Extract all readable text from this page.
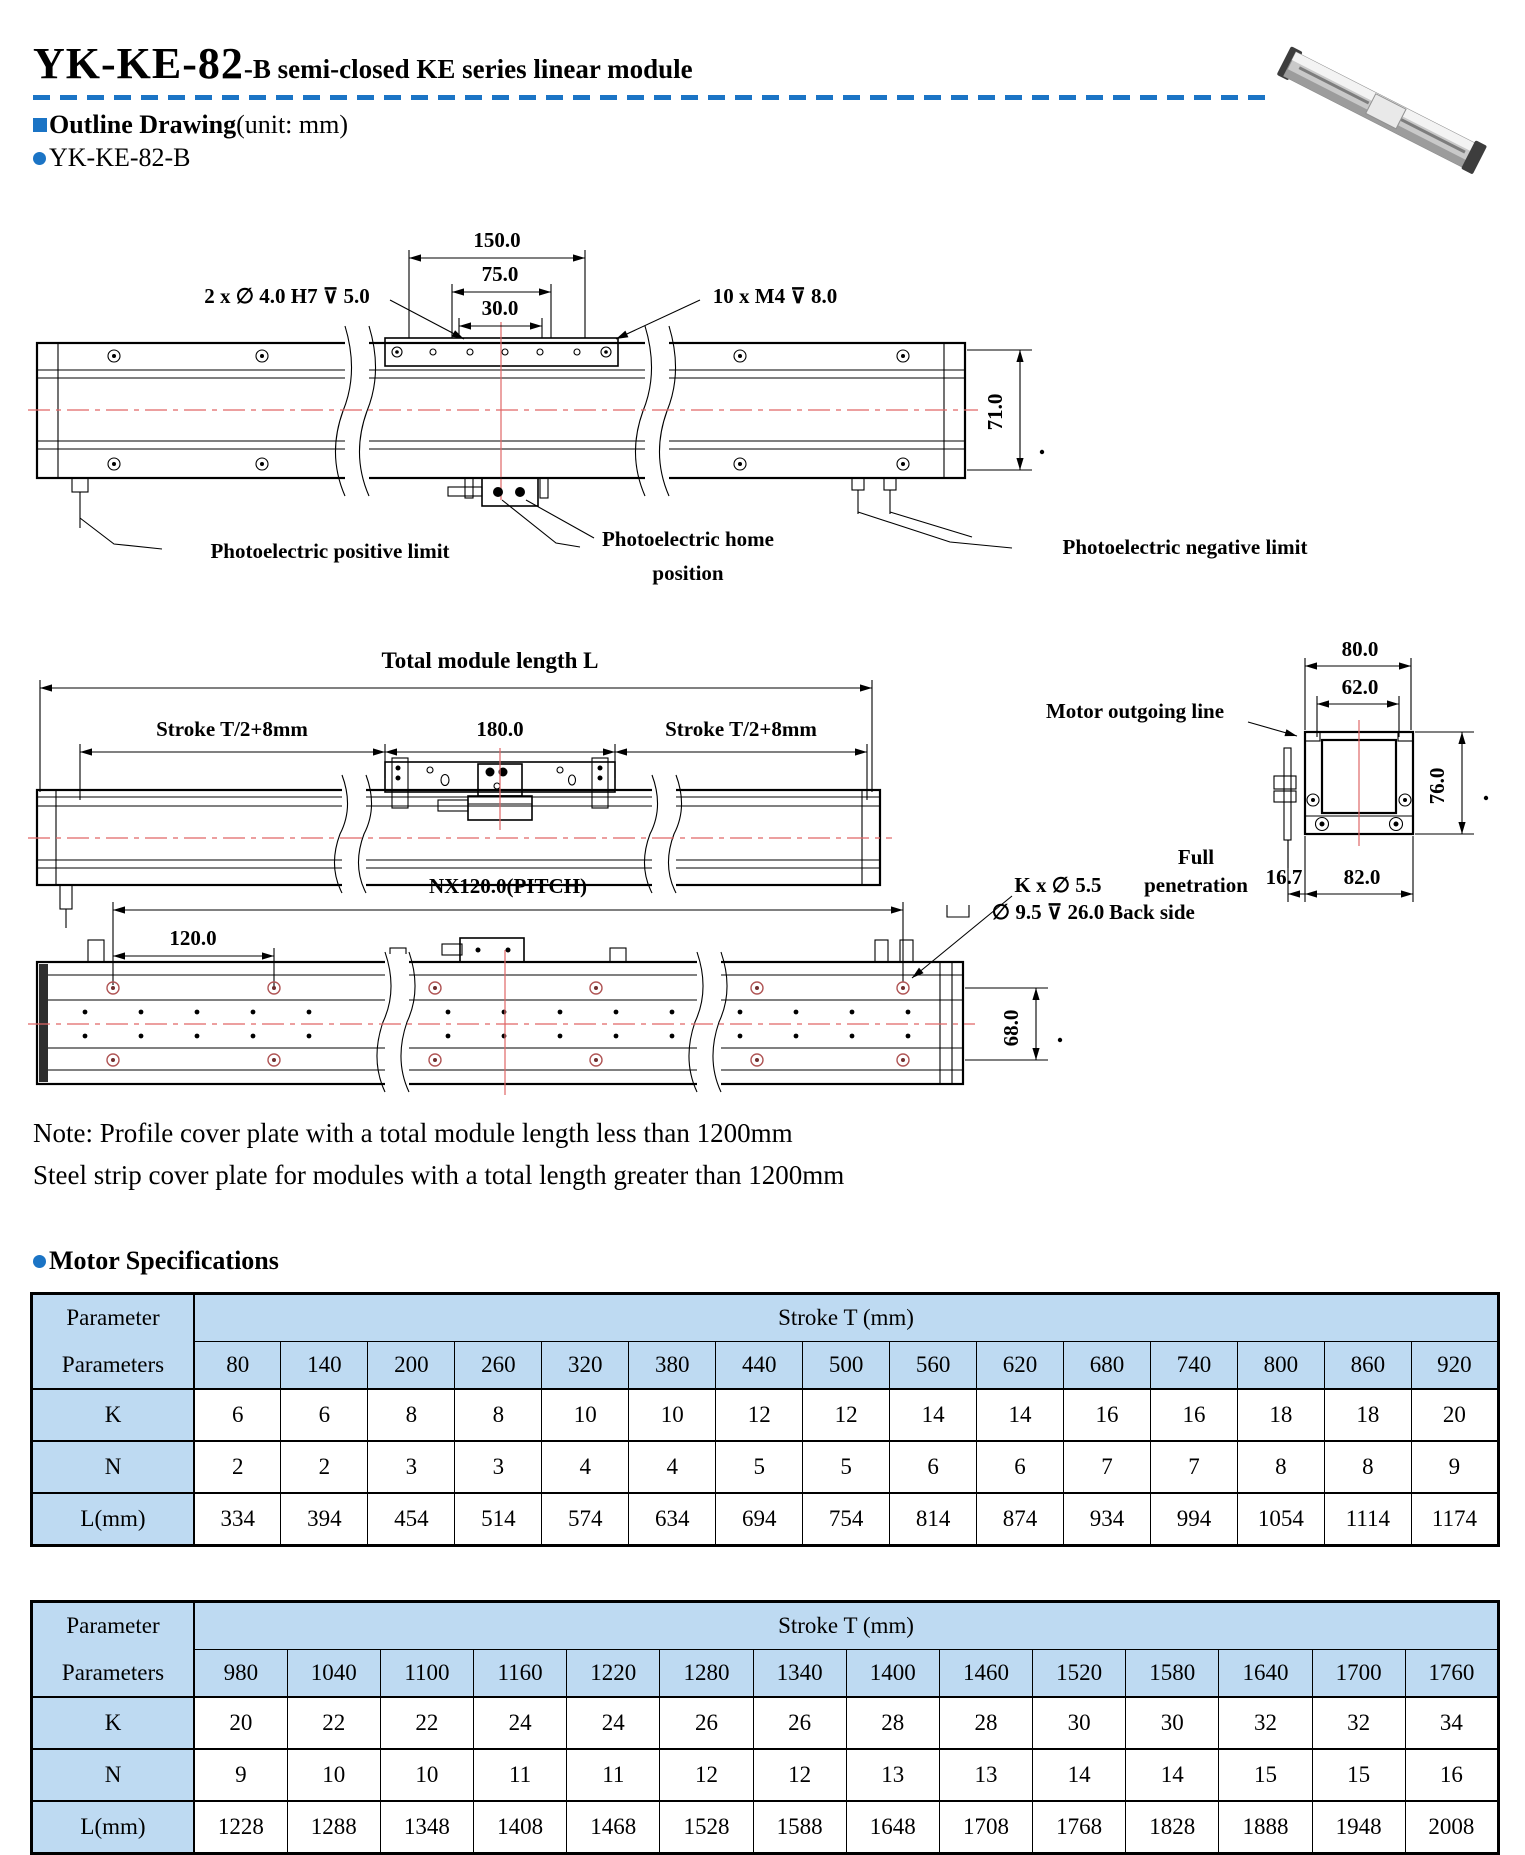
YK-KE-82 -B semi-closed KE series linear module
Outline Drawing (unit: mm)
YK-KE-82-B
150.0
75.0
30.0
2 x ∅ 4.0 H7 ⊽ 5.0	10 x M4 ⊽ 8.0
71.0
Photoelectric positive limit	Photoelectric home
position
Photoelectric negative limit
Total module length L
Stroke T/2+8mm	180.0	Stroke T/2+8mm
80.0
62.0
Motor outgoing line
76.0
16.7 82.0
Full
penetration
K x ∅ 5.5
∅ 9.5 ⊽ 26.0 Back side
NX120.0(PITCH)
120.0
68.0
Note: Profile cover plate with a total module length less than 1200mm
Steel strip cover plate for modules with a total length greater than 1200mm
Motor Specifications
Parameter	Stroke T (mm)														
Parameters	80	140	200	260	320	380	440	500	560	620	680	740	800	860	920
K	6	6	8	8	10	10	12	12	14	14	16	16	18	18	20
N	2	2	3	3	4	4	5	5	6	6	7	7	8	8	9
L(mm)	334	394	454	514	574	634	694	754	814	874	934	994	1054	1114	1174
Parameter	Stroke T (mm)													
Parameters	980	1040	1100	1160	1220	1280	1340	1400	1460	1520	1580	1640	1700	1760
K	20	22	22	24	24	26	26	28	28	30	30	32	32	34
N	9	10	10	11	11	12	12	13	13	14	14	15	15	16
L(mm)	1228	1288	1348	1408	1468	1528	1588	1648	1708	1768	1828	1888	1948	2008
